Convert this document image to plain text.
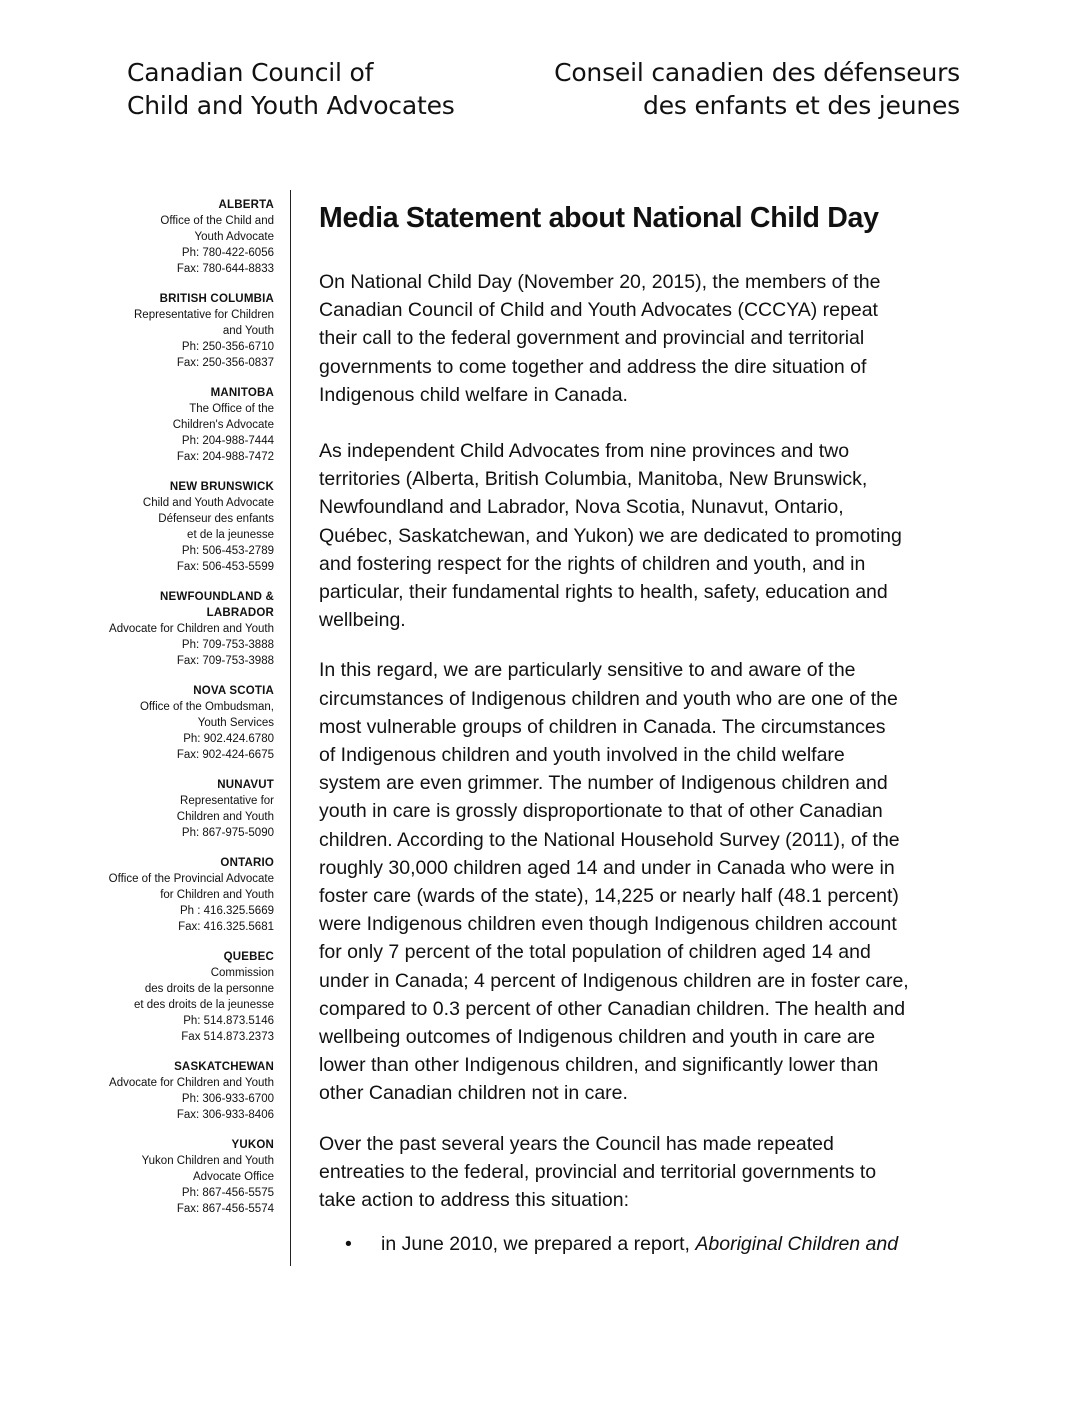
Canadian Council of
Child and Youth Advocates
Conseil canadien des défenseurs
des enfants et des jeunes
ALBERTA
Office of the Child and
Youth Advocate
Ph: 780-422-6056
Fax: 780-644-8833
BRITISH COLUMBIA
Representative for Children
and Youth
Ph: 250-356-6710
Fax: 250-356-0837
MANITOBA
The Office of the
Children's Advocate
Ph: 204-988-7444
Fax: 204-988-7472
NEW BRUNSWICK
Child and Youth Advocate
Défenseur des enfants
et de la jeunesse
Ph: 506-453-2789
Fax: 506-453-5599
NEWFOUNDLAND &
LABRADOR
Advocate for Children and Youth
Ph: 709-753-3888
Fax: 709-753-3988
NOVA SCOTIA
Office of the Ombudsman,
Youth Services
Ph: 902.424.6780
Fax: 902-424-6675
NUNAVUT
Representative for
Children and Youth
Ph: 867-975-5090
ONTARIO
Office of the Provincial Advocate
for Children and Youth
Ph : 416.325.5669
Fax: 416.325.5681
QUEBEC
Commission
des droits de la personne
et des droits de la jeunesse
Ph: 514.873.5146
Fax 514.873.2373
SASKATCHEWAN
Advocate for Children and Youth
Ph: 306-933-6700
Fax: 306-933-8406
YUKON
Yukon Children and Youth
Advocate Office
Ph: 867-456-5575
Fax: 867-456-5574
Media Statement about National Child Day
On National Child Day (November 20, 2015), the members of the
Canadian Council of Child and Youth Advocates (CCCYA) repeat
their call to the federal government and provincial and territorial
governments to come together and address the dire situation of
Indigenous child welfare in Canada.
As independent Child Advocates from nine provinces and two
territories (Alberta, British Columbia, Manitoba, New Brunswick,
Newfoundland and Labrador, Nova Scotia, Nunavut, Ontario,
Québec, Saskatchewan, and Yukon) we are dedicated to promoting
and fostering respect for the rights of children and youth, and in
particular, their fundamental rights to health, safety, education and
wellbeing.
In this regard, we are particularly sensitive to and aware of the
circumstances of Indigenous children and youth who are one of the
most vulnerable groups of children in Canada. The circumstances
of Indigenous children and youth involved in the child welfare
system are even grimmer. The number of Indigenous children and
youth in care is grossly disproportionate to that of other Canadian
children. According to the National Household Survey (2011), of the
roughly 30,000 children aged 14 and under in Canada who were in
foster care (wards of the state), 14,225 or nearly half (48.1 percent)
were Indigenous children even though Indigenous children account
for only 7 percent of the total population of children aged 14 and
under in Canada; 4 percent of Indigenous children are in foster care,
compared to 0.3 percent of other Canadian children. The health and
wellbeing outcomes of Indigenous children and youth in care are
lower than other Indigenous children, and significantly lower than
other Canadian children not in care.
Over the past several years the Council has made repeated
entreaties to the federal, provincial and territorial governments to
take action to address this situation:
• in June 2010, we prepared a report, Aboriginal Children and
